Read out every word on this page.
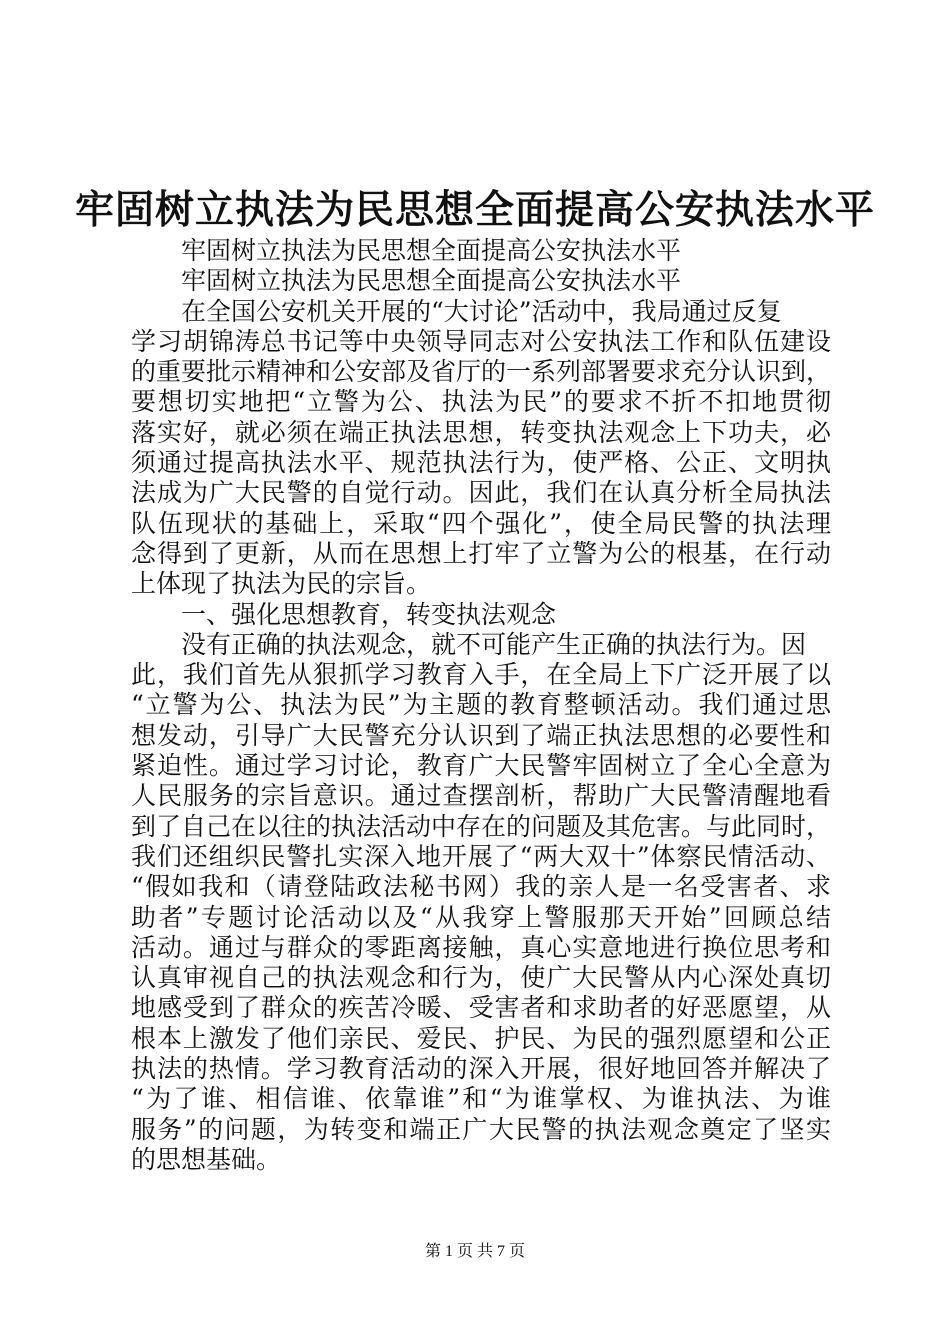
牢固树立执法为民思想全面提高公安执法水平
牢固树立执法为民思想全面提高公安执法水平
牢固树立执法为民思想全面提高公安执法水平
在全国公安机关开展的“大讨论”活动中，我局通过反复
学习胡锦涛总书记等中央领导同志对公安执法工作和队伍建设
的重要批示精神和公安部及省厅的一系列部署要求充分认识到，
要想切实地把“立警为公、执法为民”的要求不折不扣地贯彻
落实好，就必须在端正执法思想，转变执法观念上下功夫，必
须通过提高执法水平、规范执法行为，使严格、公正、文明执
法成为广大民警的自觉行动。因此，我们在认真分析全局执法
队伍现状的基础上，采取“四个强化”，使全局民警的执法理
念得到了更新，从而在思想上打牢了立警为公的根基，在行动
上体现了执法为民的宗旨。
一、强化思想教育，转变执法观念
没有正确的执法观念，就不可能产生正确的执法行为。因
此，我们首先从狠抓学习教育入手，在全局上下广泛开展了以
“立警为公、执法为民”为主题的教育整顿活动。我们通过思
想发动，引导广大民警充分认识到了端正执法思想的必要性和
紧迫性。通过学习讨论，教育广大民警牢固树立了全心全意为
人民服务的宗旨意识。通过查摆剖析，帮助广大民警清醒地看
到了自己在以往的执法活动中存在的问题及其危害。与此同时，
我们还组织民警扎实深入地开展了“两大双十”体察民情活动、
“假如我和（请登陆政法秘书网）我的亲人是一名受害者、求
助者”专题讨论活动以及“从我穿上警服那天开始”回顾总结
活动。通过与群众的零距离接触，真心实意地进行换位思考和
认真审视自己的执法观念和行为，使广大民警从内心深处真切
地感受到了群众的疾苦冷暖、受害者和求助者的好恶愿望，从
根本上激发了他们亲民、爱民、护民、为民的强烈愿望和公正
执法的热情。学习教育活动的深入开展，很好地回答并解决了
“为了谁、相信谁、依靠谁”和“为谁掌权、为谁执法、为谁
服务”的问题，为转变和端正广大民警的执法观念奠定了坚实
的思想基础。
第 1 页 共 7 页
